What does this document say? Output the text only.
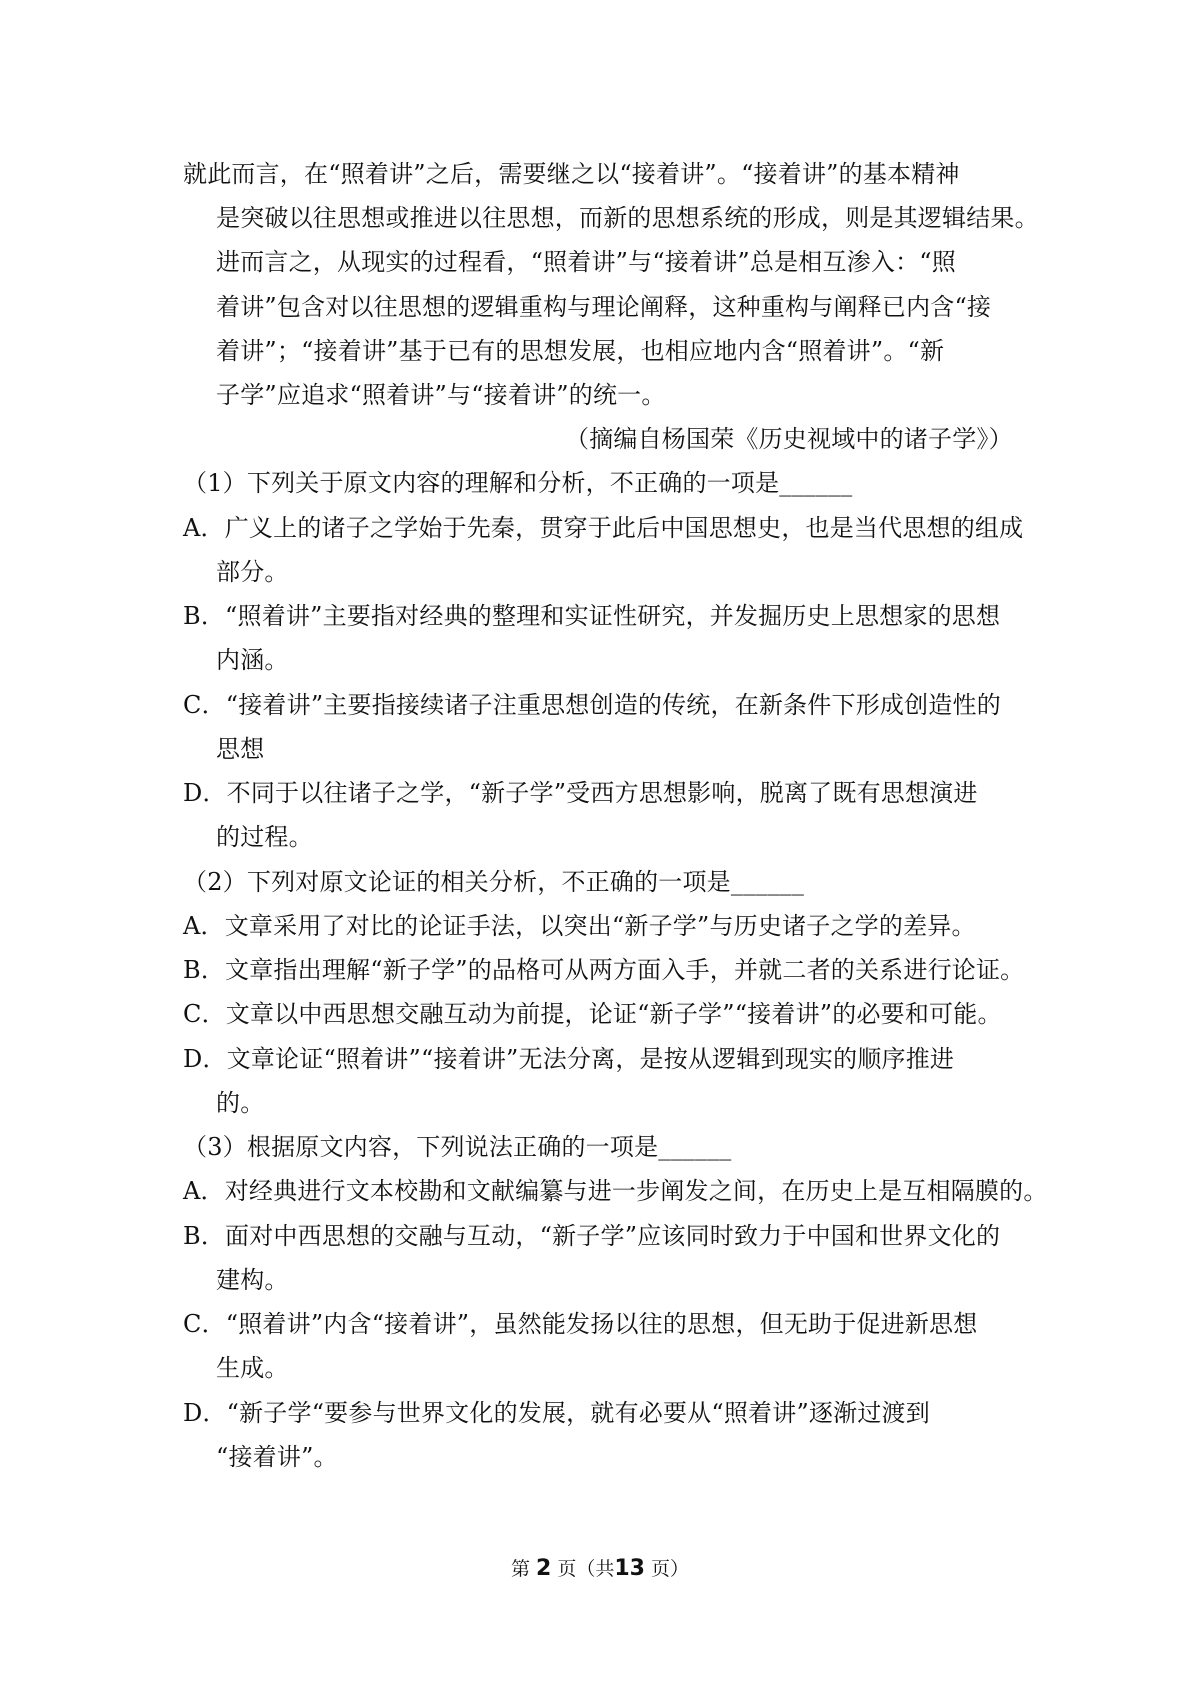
就此而言，在“照着讲”之后，需要继之以“接着讲”。“接着讲”的基本精神
是突破以往思想或推进以往思想，而新的思想系统的形成，则是其逻辑结果。
进而言之，从现实的过程看，“照着讲”与“接着讲”总是相互渗入：“照
着讲”包含对以往思想的逻辑重构与理论阐释，这种重构与阐释已内含“接
着讲”；“接着讲”基于已有的思想发展，也相应地内含“照着讲”。“新
子学”应追求“照着讲”与“接着讲”的统一。
（摘编自杨国荣《历史视域中的诸子学》）
（1）下列关于原文内容的理解和分析，不正确的一项是______
A．广义上的诸子之学始于先秦，贯穿于此后中国思想史，也是当代思想的组成
部分。
B．“照着讲”主要指对经典的整理和实证性研究，并发掘历史上思想家的思想
内涵。
C．“接着讲”主要指接续诸子注重思想创造的传统，在新条件下形成创造性的
思想
D．不同于以往诸子之学，“新子学”受西方思想影响，脱离了既有思想演进
的过程。
（2）下列对原文论证的相关分析，不正确的一项是______
A．文章采用了对比的论证手法，以突出“新子学”与历史诸子之学的差异。
B．文章指出理解“新子学”的品格可从两方面入手，并就二者的关系进行论证。
C．文章以中西思想交融互动为前提，论证“新子学”“接着讲”的必要和可能。
D．文章论证“照着讲”“接着讲”无法分离，是按从逻辑到现实的顺序推进
的。
（3）根据原文内容，下列说法正确的一项是______
A．对经典进行文本校勘和文献编纂与进一步阐发之间，在历史上是互相隔膜的。
B．面对中西思想的交融与互动，“新子学”应该同时致力于中国和世界文化的
建构。
C．“照着讲”内含“接着讲”，虽然能发扬以往的思想，但无助于促进新思想
生成。
D．“新子学“要参与世界文化的发展，就有必要从“照着讲”逐渐过渡到
“接着讲”。
第 2 页（共13 页）
